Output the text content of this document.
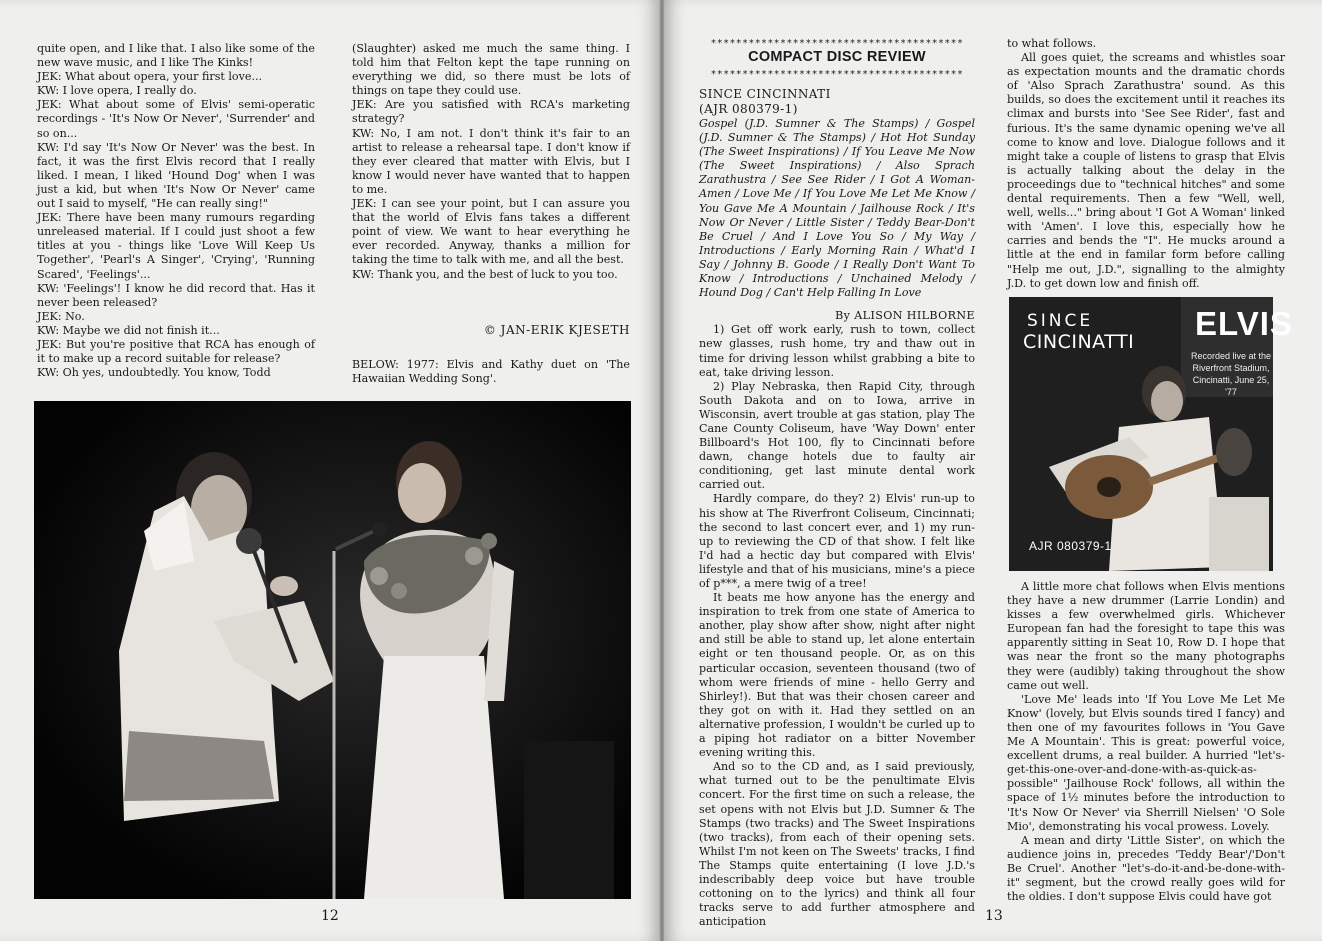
quite open, and I like that. I also like some of the new wave music, and I like The Kinks!

JEK: What about opera, your first love...

KW: I love opera, I really do.

JEK: What about some of Elvis' semi-operatic recordings - 'It's Now Or Never', 'Surrender' and so on...

KW: I'd say 'It's Now Or Never' was the best. In fact, it was the first Elvis record that I really liked. I mean, I liked 'Hound Dog' when I was just a kid, but when 'It's Now Or Never' came out I said to myself, "He can really sing!"

JEK: There have been many rumours regarding unreleased material. If I could just shoot a few titles at you - things like 'Love Will Keep Us Together', 'Pearl's A Singer', 'Crying', 'Running Scared', 'Feelings'...

KW: 'Feelings'! I know he did record that. Has it never been released?

JEK: No.

KW: Maybe we did not finish it...

JEK: But you're positive that RCA has enough of it to make up a record suitable for release?

KW: Oh yes, undoubtedly. You know, Todd

(Slaughter) asked me much the same thing. I told him that Felton kept the tape running on everything we did, so there must be lots of things on tape they could use.

JEK: Are you satisfied with RCA's marketing strategy?

KW: No, I am not. I don't think it's fair to an artist to release a rehearsal tape. I don't know if they ever cleared that matter with Elvis, but I know I would never have wanted that to happen to me.

JEK: I can see your point, but I can assure you that the world of Elvis fans takes a different point of view. We want to hear everything he ever recorded. Anyway, thanks a million for taking the time to talk with me, and all the best.

KW: Thank you, and the best of luck to you too.

© JAN-ERIK KJESETH
BELOW: 1977: Elvis and Kathy duet on 'The Hawaiian Wedding Song'.
12
****************************************
COMPACT DISC REVIEW
****************************************

SINCE CINCINNATI

(AJR 080379-1)

Gospel (J.D. Sumner & The Stamps) / Gospel (J.D. Sumner & The Stamps) / Hot Hot Sunday (The Sweet Inspirations) / If You Leave Me Now (The Sweet Inspirations) / Also Sprach Zarathustra / See See Rider / I Got A Woman-Amen / Love Me / If You Love Me Let Me Know / You Gave Me A Mountain / Jailhouse Rock / It's Now Or Never / Little Sister / Teddy Bear-Don't Be Cruel / And I Love You So / My Way / Introductions / Early Morning Rain / What'd I Say / Johnny B. Goode / I Really Don't Want To Know / Introductions / Unchained Melody / Hound Dog / Can't Help Falling In Love

By ALISON HILBORNE

1) Get off work early, rush to town, collect new glasses, rush home, try and thaw out in time for driving lesson whilst grabbing a bite to eat, take driving lesson.

2) Play Nebraska, then Rapid City, through South Dakota and on to Iowa, arrive in Wisconsin, avert trouble at gas station, play The Cane County Coliseum, have 'Way Down' enter Billboard's Hot 100, fly to Cincinnati before dawn, change hotels due to faulty air conditioning, get last minute dental work carried out.

Hardly compare, do they? 2) Elvis' run-up to his show at The Riverfront Coliseum, Cincinnati; the second to last concert ever, and 1) my run-up to reviewing the CD of that show. I felt like I'd had a hectic day but compared with Elvis' lifestyle and that of his musicians, mine's a piece of p***, a mere twig of a tree!

It beats me how anyone has the energy and inspiration to trek from one state of America to another, play show after show, night after night and still be able to stand up, let alone entertain eight or ten thousand people. Or, as on this particular occasion, seventeen thousand (two of whom were friends of mine - hello Gerry and Shirley!). But that was their chosen career and they got on with it. Had they settled on an alternative profession, I wouldn't be curled up to a piping hot radiator on a bitter November evening writing this.

And so to the CD and, as I said previously, what turned out to be the penultimate Elvis concert. For the first time on such a release, the set opens with not Elvis but J.D. Sumner & The Stamps (two tracks) and The Sweet Inspirations (two tracks), from each of their opening sets. Whilst I'm not keen on The Sweets' tracks, I find The Stamps quite entertaining (I love J.D.'s indescribably deep voice but have trouble cottoning on to the lyrics) and think all four tracks serve to add further atmosphere and anticipation

to what follows.

All goes quiet, the screams and whistles soar as expectation mounts and the dramatic chords of 'Also Sprach Zarathustra' sound. As this builds, so does the excitement until it reaches its climax and bursts into 'See See Rider', fast and furious. It's the same dynamic opening we've all come to know and love. Dialogue follows and it might take a couple of listens to grasp that Elvis is actually talking about the delay in the proceedings due to "technical hitches" and some dental requirements. Then a few "Well, well, well, wells..." bring about 'I Got A Woman' linked with 'Amen'. I love this, especially how he carries and bends the "I". He mucks around a little at the end in familar form before calling "Help me out, J.D.", signalling to the almighty J.D. to get down low and finish off.

SINCE
CINCINATTI ELVIS
Recorded live at the Riverfront Stadium, Cincinatti, June 25, '77
AJR 080379-1

A little more chat follows when Elvis mentions they have a new drummer (Larrie Londin) and kisses a few overwhelmed girls. Whichever European fan had the foresight to tape this was apparently sitting in Seat 10, Row D. I hope that was near the front so the many photographs they were (audibly) taking throughout the show came out well.

'Love Me' leads into 'If You Love Me Let Me Know' (lovely, but Elvis sounds tired I fancy) and then one of my favourites follows in 'You Gave Me A Mountain'. This is great: powerful voice, excellent drums, a real builder. A hurried "let's-get-this-one-over-and-done-with-as-quick-as-possible" 'Jailhouse Rock' follows, all within the space of 1½ minutes before the introduction to 'It's Now Or Never' via Sherrill Nielsen' 'O Sole Mio', demonstrating his vocal prowess. Lovely.

A mean and dirty 'Little Sister', on which the audience joins in, precedes 'Teddy Bear'/'Don't Be Cruel'. Another "let's-do-it-and-be-done-with-it" segment, but the crowd really goes wild for the oldies. I don't suppose Elvis could have got

13
